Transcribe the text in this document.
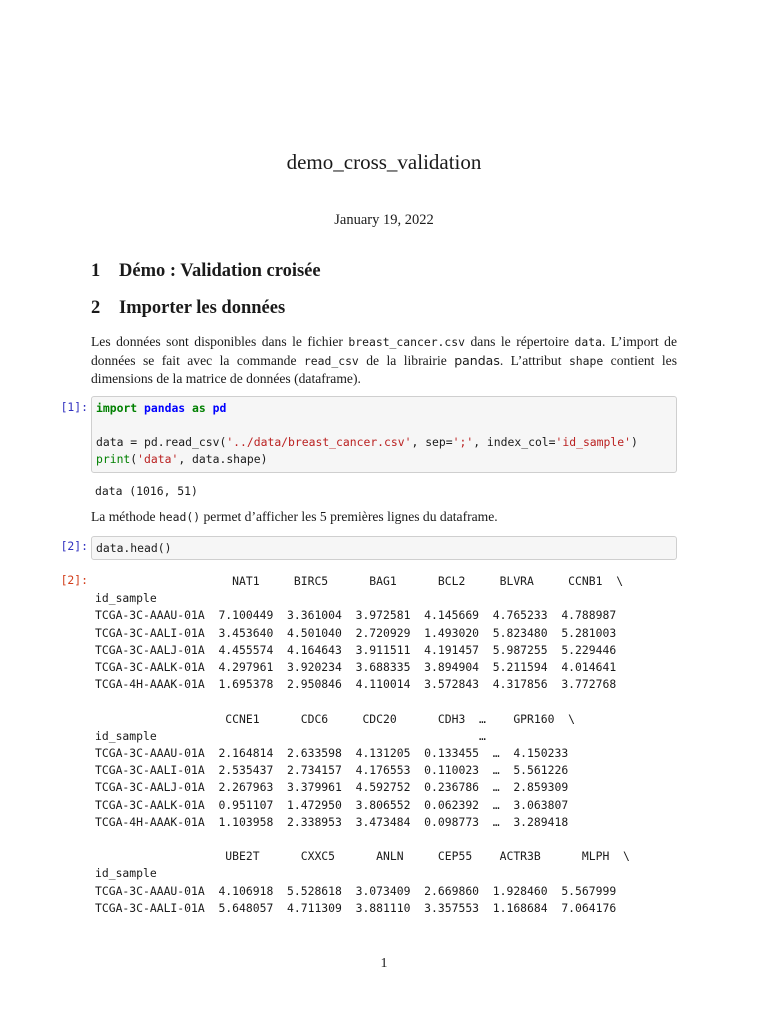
demo_cross_validation
January 19, 2022
1 Démo : Validation croisée
2 Importer les données
Les données sont disponibles dans le fichier breast_cancer.csv dans le répertoire data. L’import de données se fait avec la commande read_csv de la librairie pandas. L’attribut shape contient les dimensions de la matrice de données (dataframe).
[1]: import pandas as pd

data = pd.read_csv('../data/breast_cancer.csv', sep=';', index_col='id_sample')
print('data', data.shape)
data (1016, 51)
La méthode head() permet d’afficher les 5 premières lignes du dataframe.
[2]: data.head()
[2]: NAT1     BIRC5      BAG1      BCL2     BLVRA     CCNB1  \
id_sample
TCGA-3C-AAAU-01A  7.100449  3.361004  3.972581  4.145669  4.765233  4.788987
TCGA-3C-AALI-01A  3.453640  4.501040  2.720929  1.493020  5.823480  5.281003
TCGA-3C-AALJ-01A  4.455574  4.164643  3.911511  4.191457  5.987255  5.229446
TCGA-3C-AALK-01A  4.297961  3.920234  3.688335  3.894904  5.211594  4.014641
TCGA-4H-AAAK-01A  1.695378  2.950846  4.110014  3.572843  4.317856  3.772768

CCNE1      CDC6     CDC20      CDH3  …    GPR160  \
id_sample                                               …
TCGA-3C-AAAU-01A  2.164814  2.633598  4.131205  0.133455  …  4.150233
TCGA-3C-AALI-01A  2.535437  2.734157  4.176553  0.110023  …  5.561226
TCGA-3C-AALJ-01A  2.267963  3.379961  4.592752  0.236786  …  2.859309
TCGA-3C-AALK-01A  0.951107  1.472950  3.806552  0.062392  …  3.063807
TCGA-4H-AAAK-01A  1.103958  2.338953  3.473484  0.098773  …  3.289418

UBE2T      CXXC5      ANLN     CEP55    ACTR3B      MLPH  \
id_sample
TCGA-3C-AAAU-01A  4.106918  5.528618  3.073409  2.669860  1.928460  5.567999
TCGA-3C-AALI-01A  5.648057  4.711309  3.881110  3.357553  1.168684  7.064176
1
